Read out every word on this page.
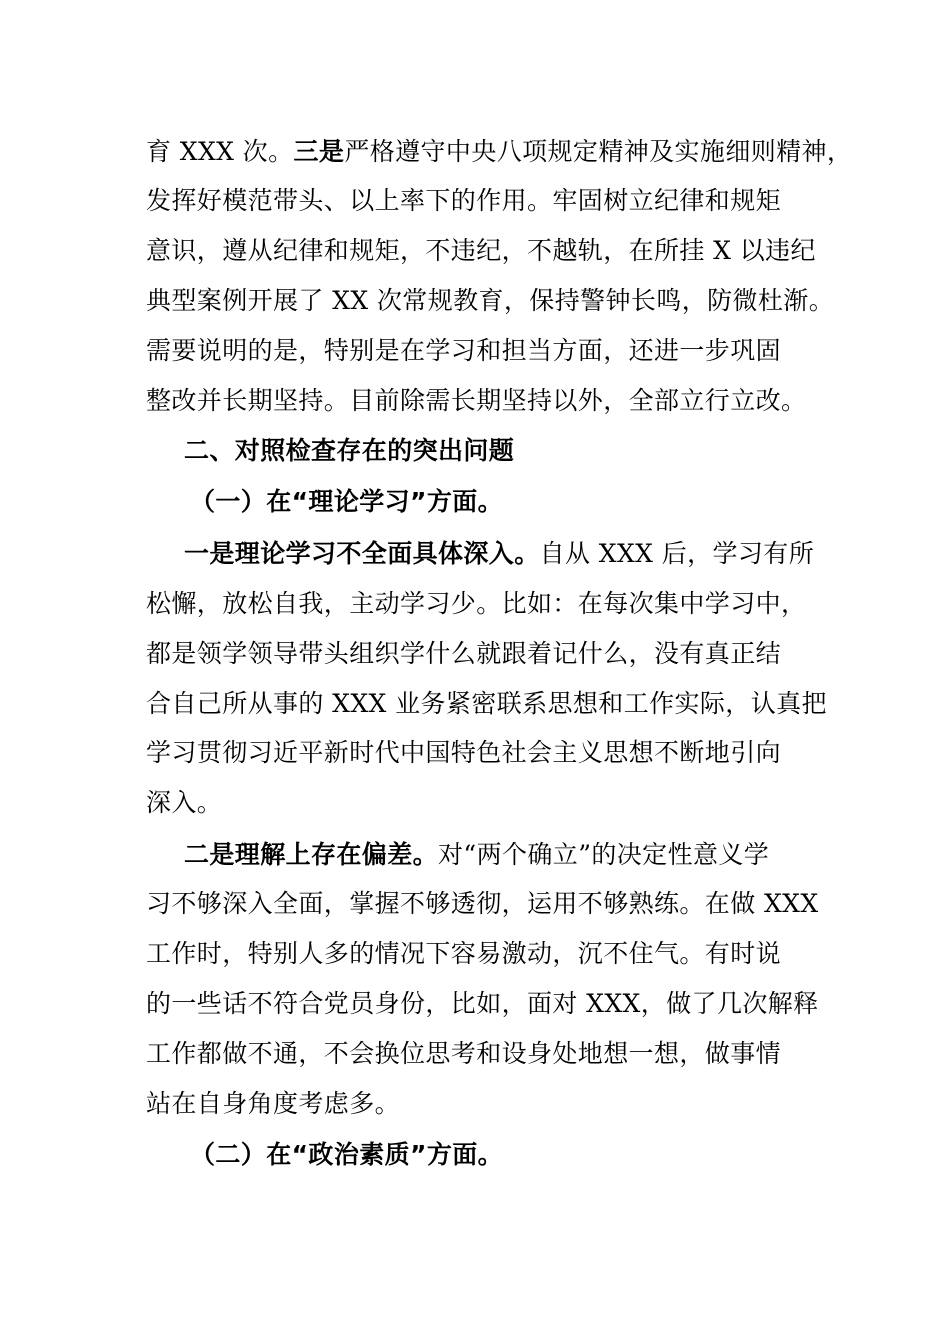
育 XXX 次。三是严格遵守中央八项规定精神及实施细则精神，
发挥好模范带头、以上率下的作用。牢固树立纪律和规矩
意识，遵从纪律和规矩，不违纪，不越轨，在所挂 X 以违纪
典型案例开展了 XX 次常规教育，保持警钟长鸣，防微杜渐。
需要说明的是，特别是在学习和担当方面，还进一步巩固
整改并长期坚持。目前除需长期坚持以外，全部立行立改。
二、对照检查存在的突出问题
（一）在“理论学习”方面。
一是理论学习不全面具体深入。自从 XXX 后，学习有所
松懈，放松自我，主动学习少。比如：在每次集中学习中，
都是领学领导带头组织学什么就跟着记什么，没有真正结
合自己所从事的 XXX 业务紧密联系思想和工作实际，认真把
学习贯彻习近平新时代中国特色社会主义思想不断地引向
深入。
二是理解上存在偏差。对“两个确立”的决定性意义学
习不够深入全面，掌握不够透彻，运用不够熟练。在做 XXX
工作时，特别人多的情况下容易激动，沉不住气。有时说
的一些话不符合党员身份，比如，面对 XXX，做了几次解释
工作都做不通，不会换位思考和设身处地想一想，做事情
站在自身角度考虑多。
（二）在“政治素质”方面。
